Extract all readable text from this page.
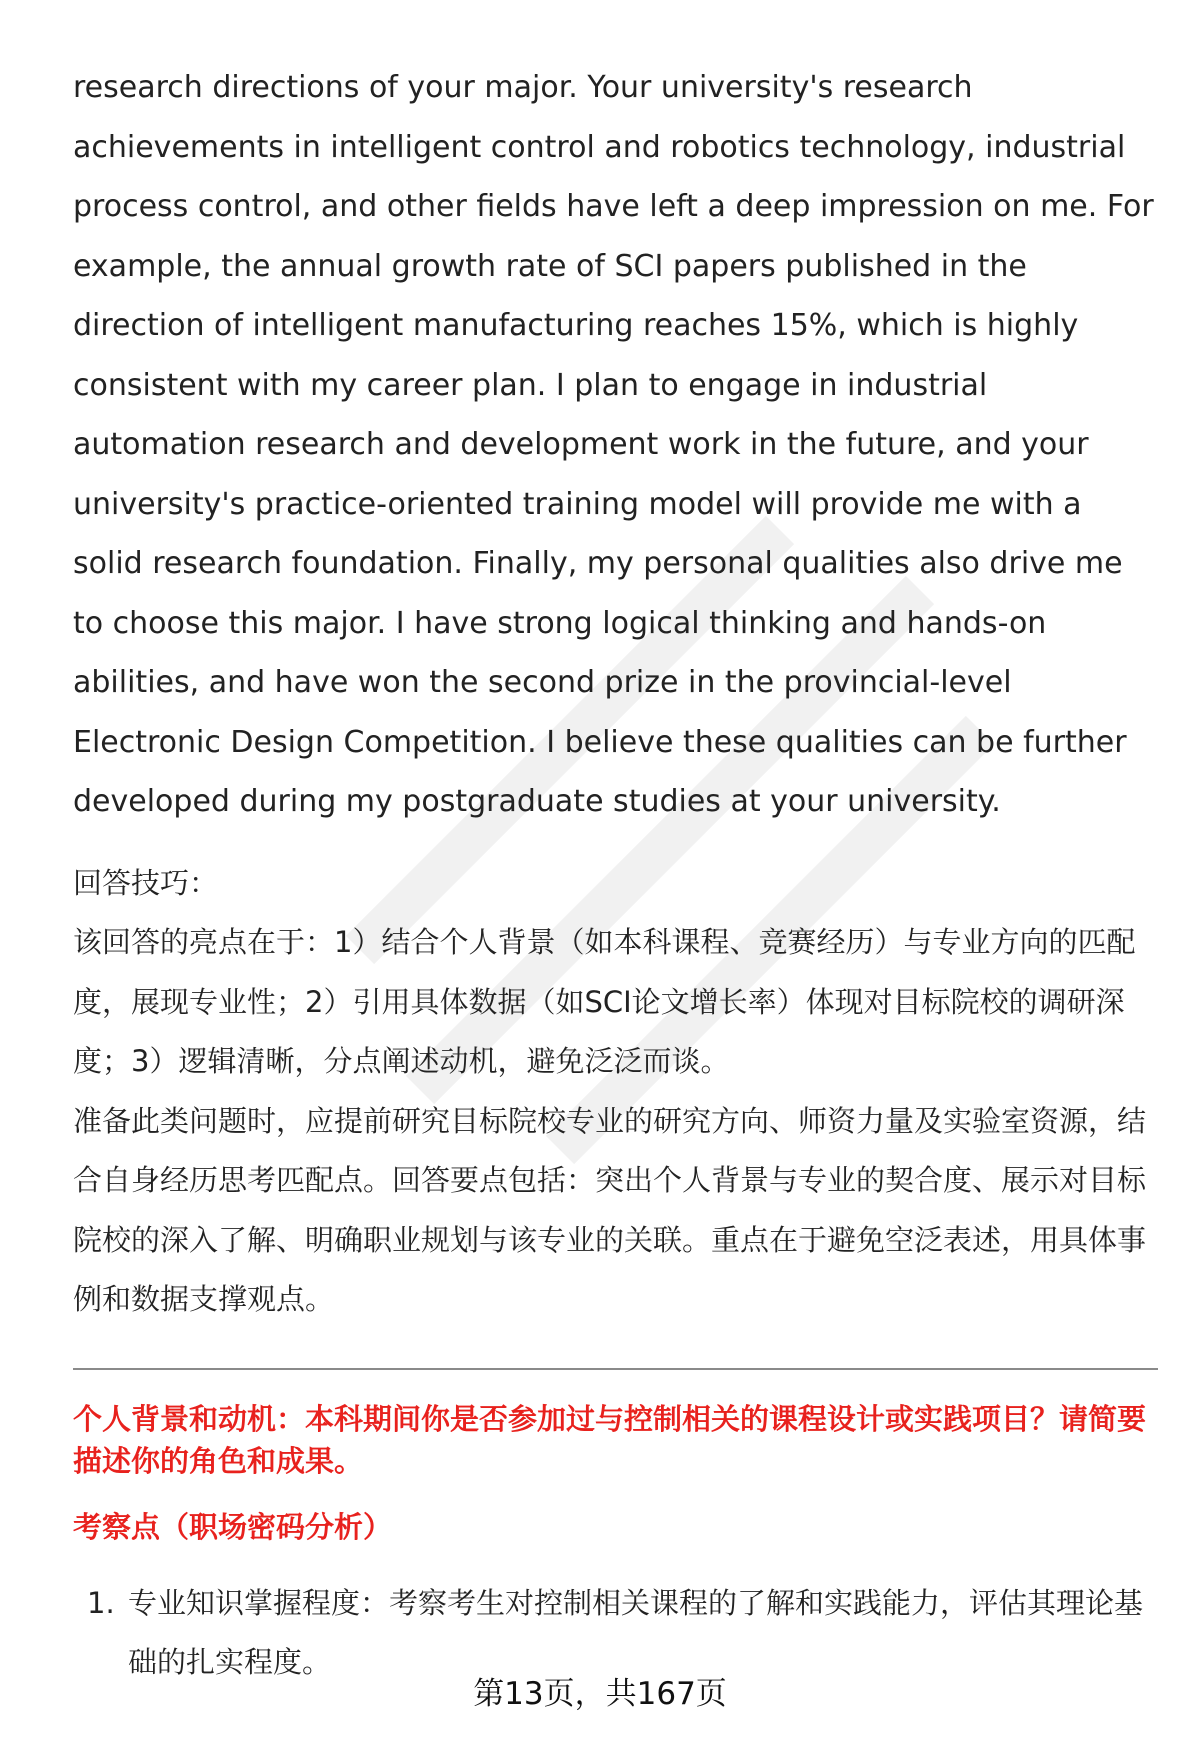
research directions of your major. Your university's research achievements in intelligent control and robotics technology, industrial process control, and other fields have left a deep impression on me. For example, the annual growth rate of SCI papers published in the direction of intelligent manufacturing reaches 15%, which is highly consistent with my career plan. I plan to engage in industrial automation research and development work in the future, and your university's practice-oriented training model will provide me with a solid research foundation. Finally, my personal qualities also drive me to choose this major. I have strong logical thinking and hands-on abilities, and have won the second prize in the provincial-level Electronic Design Competition. I believe these qualities can be further developed during my postgraduate studies at your university.

回答技巧：

该回答的亮点在于：1）结合个人背景（如本科课程、竞赛经历）与专业方向的匹配度，展现专业性；2）引用具体数据（如SCI论文增长率）体现对目标院校的调研深度；3）逻辑清晰，分点阐述动机，避免泛泛而谈。

准备此类问题时，应提前研究目标院校专业的研究方向、师资力量及实验室资源，结合自身经历思考匹配点。回答要点包括：突出个人背景与专业的契合度、展示对目标院校的深入了解、明确职业规划与该专业的关联。重点在于避免空泛表述，用具体事例和数据支撑观点。

个人背景和动机：本科期间你是否参加过与控制相关的课程设计或实践项目？请简要描述你的角色和成果。
考察点（职场密码分析）
1. 专业知识掌握程度：考察考生对控制相关课程的了解和实践能力，评估其理论基础的扎实程度。
第13页，共167页
